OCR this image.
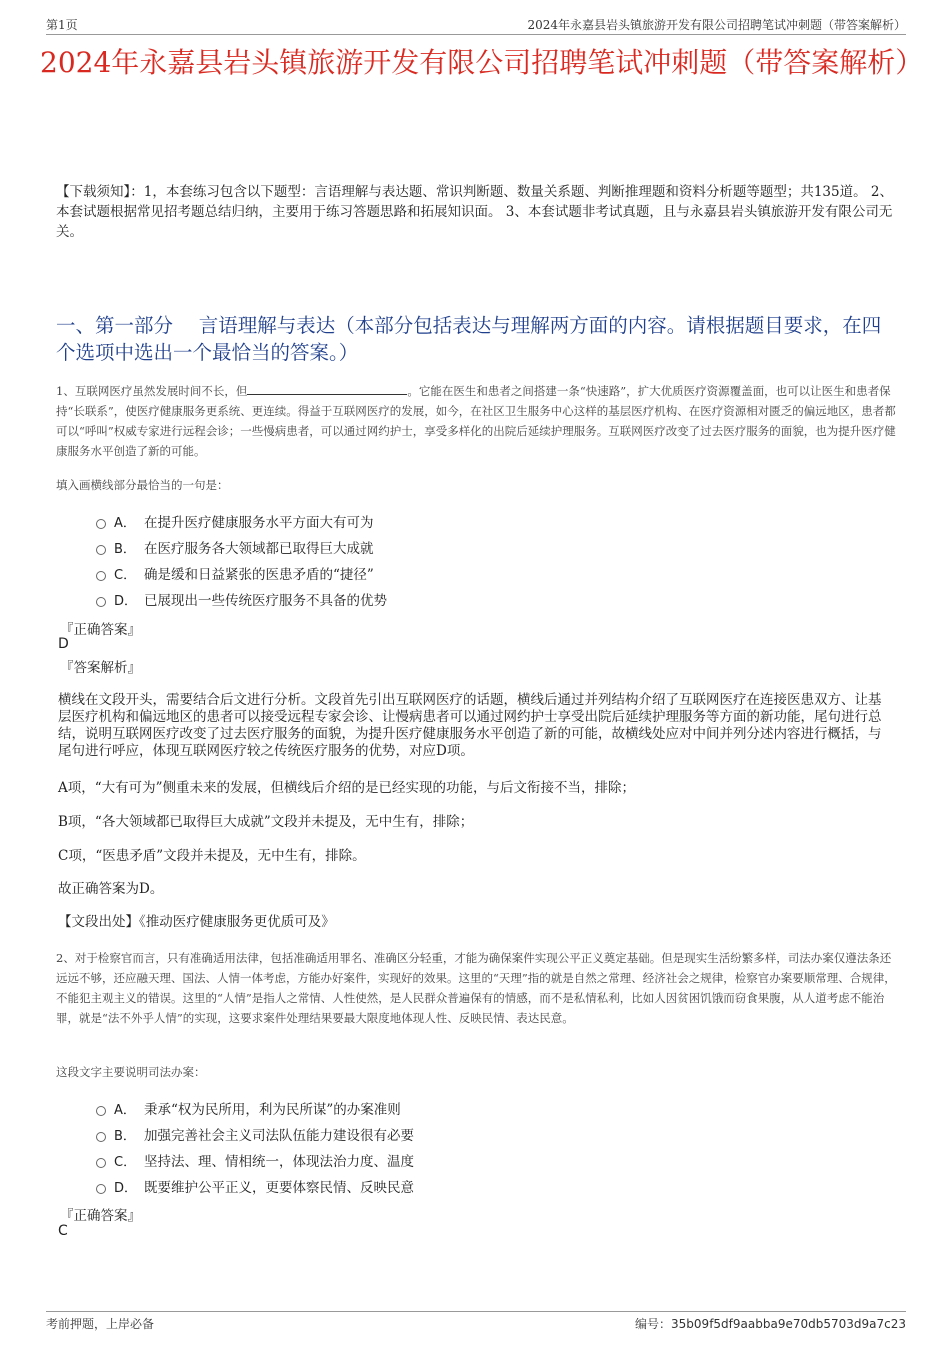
第1页	2024年永嘉县岩头镇旅游开发有限公司招聘笔试冲刺题（带答案解析）
2024年永嘉县岩头镇旅游开发有限公司招聘笔试冲刺题（带答案解析）
【下载须知】：1，本套练习包含以下题型：言语理解与表达题、常识判断题、数量关系题、判断推理题和资料分析题等题型；共135道。 2、本套试题根据常见招考题总结归纳，主要用于练习答题思路和拓展知识面。 3、本套试题非考试真题，且与永嘉县岩头镇旅游开发有限公司无关。
一、第一部分　 言语理解与表达（本部分包括表达与理解两方面的内容。请根据题目要求，在四个选项中选出一个最恰当的答案。）
1、互联网医疗虽然发展时间不长，但	。它能在医生和患者之间搭建一条“快速路”，扩大优质医疗资源覆盖面，也可以让医生和患者保持“长联系”，使医疗健康服务更系统、更连续。得益于互联网医疗的发展，如今，在社区卫生服务中心这样的基层医疗机构、在医疗资源相对匮乏的偏远地区，患者都可以“呼叫”权威专家进行远程会诊；一些慢病患者，可以通过网约护士，享受多样化的出院后延续护理服务。互联网医疗改变了过去医疗服务的面貌，也为提升医疗健康服务水平创造了新的可能。
填入画横线部分最恰当的一句是：
A． 在提升医疗健康服务水平方面大有可为
B． 在医疗服务各大领域都已取得巨大成就
C． 确是缓和日益紧张的医患矛盾的“捷径”
D． 已展现出一些传统医疗服务不具备的优势
『正确答案』
D
『答案解析』
横线在文段开头，需要结合后文进行分析。文段首先引出互联网医疗的话题，横线后通过并列结构介绍了互联网医疗在连接医患双方、让基层医疗机构和偏远地区的患者可以接受远程专家会诊、让慢病患者可以通过网约护士享受出院后延续护理服务等方面的新功能，尾句进行总结，说明互联网医疗改变了过去医疗服务的面貌，为提升医疗健康服务水平创造了新的可能，故横线处应对中间并列分述内容进行概括，与尾句进行呼应，体现互联网医疗较之传统医疗服务的优势，对应D项。
A项，“大有可为”侧重未来的发展，但横线后介绍的是已经实现的功能，与后文衔接不当，排除；
B项，“各大领域都已取得巨大成就”文段并未提及，无中生有，排除；
C项，“医患矛盾”文段并未提及，无中生有，排除。
故正确答案为D。
【文段出处】《推动医疗健康服务更优质可及》
2、对于检察官而言，只有准确适用法律，包括准确适用罪名、准确区分轻重，才能为确保案件实现公平正义奠定基础。但是现实生活纷繁多样，司法办案仅遵法条还远远不够，还应融天理、国法、人情一体考虑，方能办好案件，实现好的效果。这里的“天理”指的就是自然之常理、经济社会之规律，检察官办案要顺常理、合规律，不能犯主观主义的错误。这里的“人情”是指人之常情、人性使然，是人民群众普遍保有的情感，而不是私情私利，比如人因贫困饥饿而窃食果腹，从人道考虑不能治罪，就是“法不外乎人情”的实现，这要求案件处理结果要最大限度地体现人性、反映民情、表达民意。
这段文字主要说明司法办案：
A． 秉承“权为民所用，利为民所谋”的办案准则
B． 加强完善社会主义司法队伍能力建设很有必要
C． 坚持法、理、情相统一，体现法治力度、温度
D． 既要维护公平正义，更要体察民情、反映民意
『正确答案』
C
考前押题，上岸必备	编号：35b09f5df9aabba9e70db5703d9a7c23
